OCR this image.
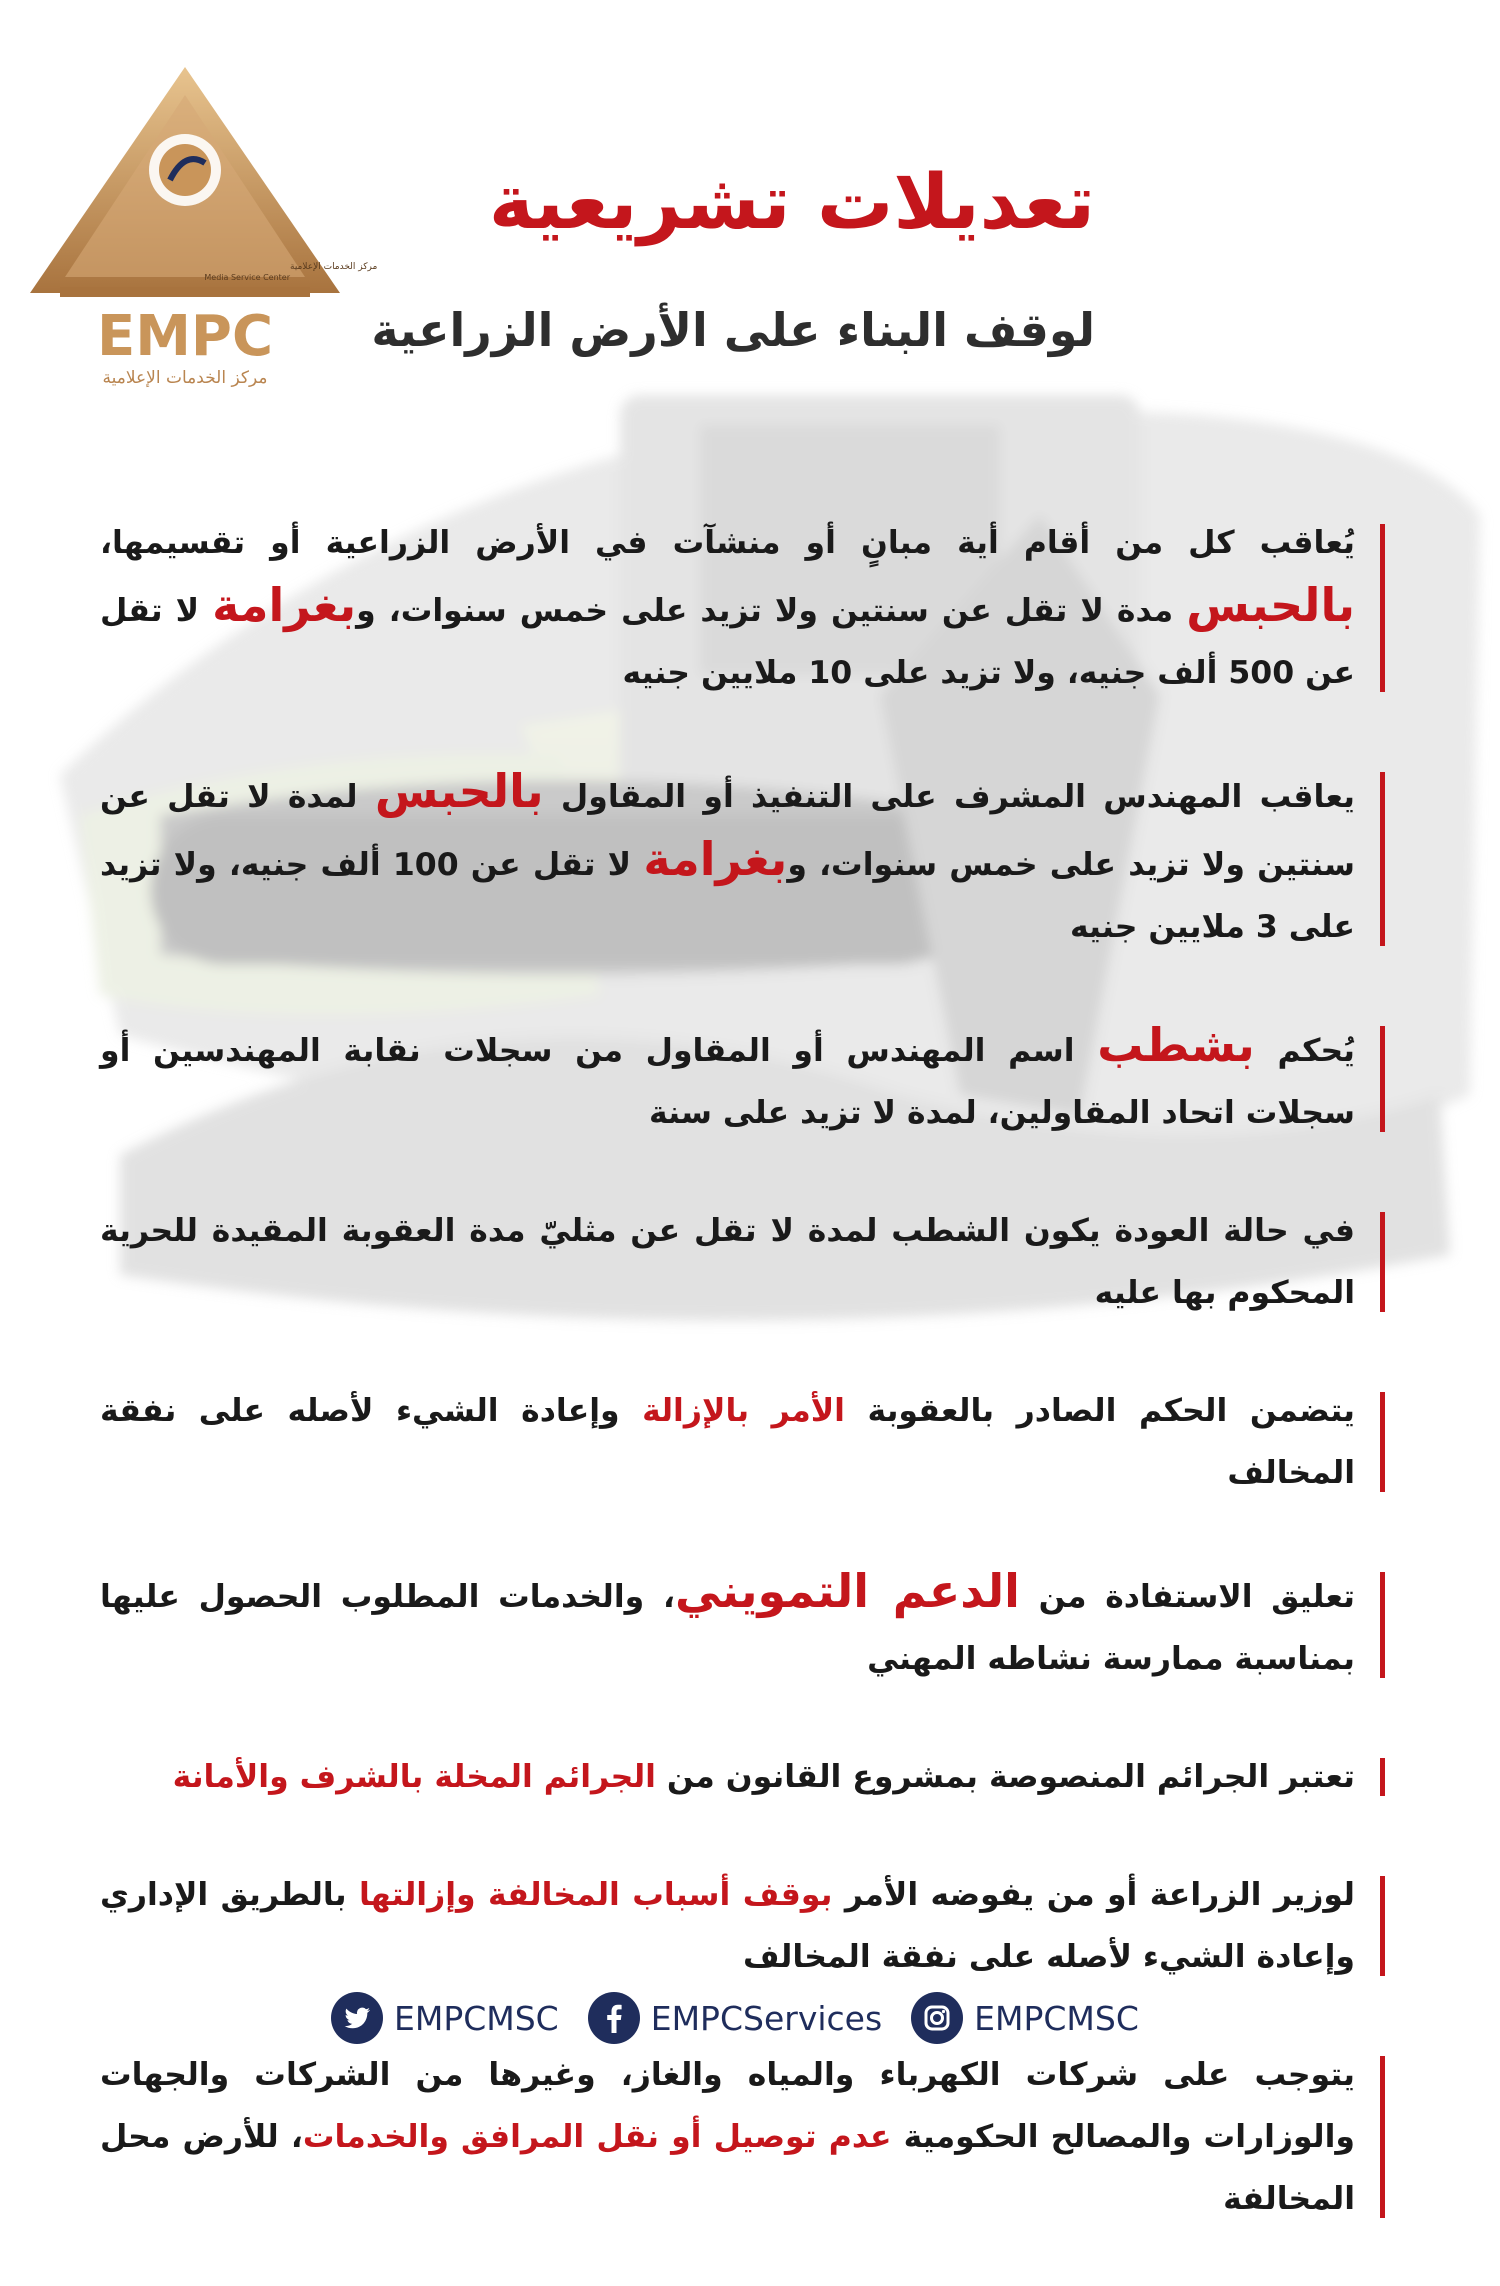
EMPC
مركز الخدمات الإعلامية
مركز الخدمات الإعلامية
Media Service Center
تعديلات تشريعية
لوقف البناء على الأرض الزراعية

يُعاقب كل من أقام أية مبانٍ أو منشآت في الأرض الزراعية أو تقسيمها، بالحبس مدة لا تقل عن سنتين ولا تزيد على خمس سنوات، وبغرامة لا تقل عن 500 ألف جنيه، ولا تزيد على 10 ملايين جنيه

يعاقب المهندس المشرف على التنفيذ أو المقاول بالحبس لمدة لا تقل عن سنتين ولا تزيد على خمس سنوات، وبغرامة لا تقل عن 100 ألف جنيه، ولا تزيد على 3 ملايين جنيه

يُحكم بشطب اسم المهندس أو المقاول من سجلات نقابة المهندسين أو سجلات اتحاد المقاولين، لمدة لا تزيد على سنة

في حالة العودة يكون الشطب لمدة لا تقل عن مثليّ مدة العقوبة المقيدة للحرية المحكوم بها عليه

يتضمن الحكم الصادر بالعقوبة الأمر بالإزالة وإعادة الشيء لأصله على نفقة المخالف

تعليق الاستفادة من الدعم التمويني، والخدمات المطلوب الحصول عليها بمناسبة ممارسة نشاطه المهني

تعتبر الجرائم المنصوصة بمشروع القانون من الجرائم المخلة بالشرف والأمانة

لوزير الزراعة أو من يفوضه الأمر بوقف أسباب المخالفة وإزالتها بالطريق الإداري وإعادة الشيء لأصله على نفقة المخالف

يتوجب على شركات الكهرباء والمياه والغاز، وغيرها من الشركات والجهات والوزارات والمصالح الحكومية عدم توصيل أو نقل المرافق والخدمات، للأرض محل المخالفة

EMPCMSC	EMPCServices	EMPCMSC
